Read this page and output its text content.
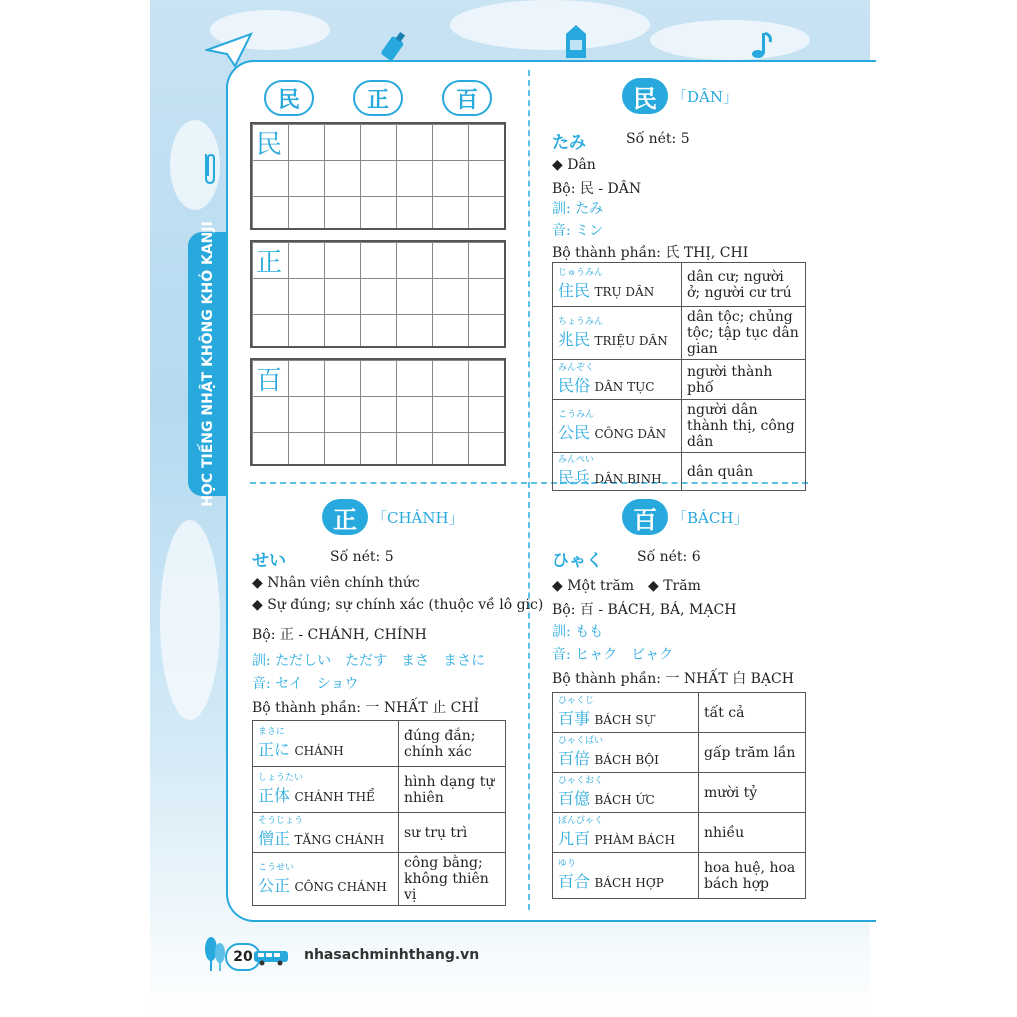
HỌC TIẾNG NHẬT KHÔNG KHÓ KANJI
民	正	百
民
正
百
民	「DÂN」
たみ	Số nét: 5
◆ Dân
Bộ: 民 - DÂN
訓: たみ
音: ミン
Bộ thành phần: 氏 THỊ, CHI
じゅうみん
住民 TRỤ DÂN	dân cư; người ở; người cư trú

ちょうみん
兆民 TRIỆU DÂN	dân tộc; chủng tộc; tập tục dân gian

みんぞく
民俗 DÂN TỤC	người thành phố

こうみん
公民 CÔNG DÂN	người dân thành thị, công dân

みんぺい
民兵 DÂN BINH	dân quân
正	「CHÁNH」
せい	Số nét: 5
◆ Nhân viên chính thức
◆ Sự đúng; sự chính xác (thuộc về lô gic)
Bộ: 正 - CHÁNH, CHÍNH
訓: ただしい　ただす　まさ　まさに
音: セイ　ショウ
Bộ thành phần: 一 NHẤT 止 CHỈ
まさに
正に CHÁNH	đúng đắn; chính xác

しょうたい
正体 CHÁNH THỂ	hình dạng tự nhiên

そうじょう
僧正 TĂNG CHÁNH	sư trụ trì

こうせい
公正 CÔNG CHÁNH	công bằng; không thiên vị
百	「BÁCH」
ひゃく Số nét: 6
◆ Một trăm　◆ Trăm
Bộ: 百 - BÁCH, BÁ, MẠCH
訓: もも
音: ヒャク　ビャク
Bộ thành phần: 一 NHẤT 白 BẠCH
ひゃくじ
百事 BÁCH SỰ	tất cả

ひゃくばい
百倍 BÁCH BỘI	gấp trăm lần

ひゃくおく
百億 BÁCH ỨC	mười tỷ

ぼんびゃく
凡百 PHÀM BÁCH	nhiều

ゆり
百合 BÁCH HỢP	hoa huệ, hoa bách hợp
20	nhasachminhthang.vn
